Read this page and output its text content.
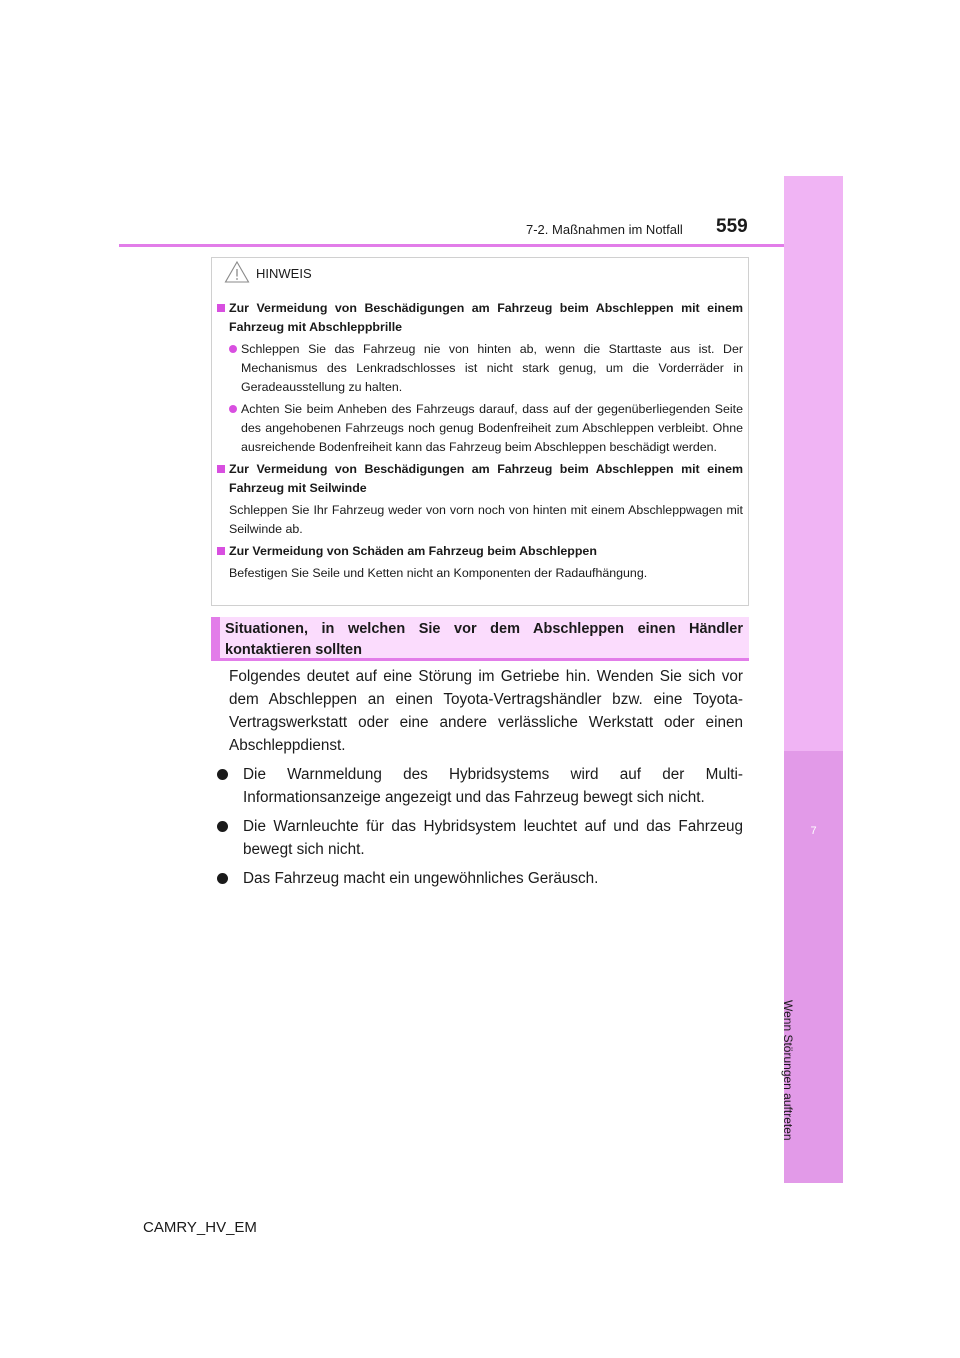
7
Wenn Störungen auftreten
7-2. Maßnahmen im Notfall 559
HINWEIS

Zur Vermeidung von Beschädigungen am Fahrzeug beim Abschleppen mit einem Fahrzeug mit Abschleppbrille

Schleppen Sie das Fahrzeug nie von hinten ab, wenn die Starttaste aus ist. Der Mechanismus des Lenkradschlosses ist nicht stark genug, um die Vorderräder in Geradeausstellung zu halten.

Achten Sie beim Anheben des Fahrzeugs darauf, dass auf der gegenüberliegenden Seite des angehobenen Fahrzeugs noch genug Bodenfreiheit zum Abschleppen verbleibt. Ohne ausreichende Bodenfreiheit kann das Fahrzeug beim Abschleppen beschädigt werden.

Zur Vermeidung von Beschädigungen am Fahrzeug beim Abschleppen mit einem Fahrzeug mit Seilwinde

Schleppen Sie Ihr Fahrzeug weder von vorn noch von hinten mit einem Abschleppwagen mit Seilwinde ab.

Zur Vermeidung von Schäden am Fahrzeug beim Abschleppen

Befestigen Sie Seile und Ketten nicht an Komponenten der Radaufhängung.

Situationen, in welchen Sie vor dem Abschleppen einen Händler kontaktieren sollten

Folgendes deutet auf eine Störung im Getriebe hin. Wenden Sie sich vor dem Abschleppen an einen Toyota-Vertragshändler bzw. eine Toyota-Vertragswerkstatt oder eine andere verlässliche Werkstatt oder einen Abschleppdienst.

Die Warnmeldung des Hybridsystems wird auf der Multi-Informationsanzeige angezeigt und das Fahrzeug bewegt sich nicht.

Die Warnleuchte für das Hybridsystem leuchtet auf und das Fahrzeug bewegt sich nicht.

Das Fahrzeug macht ein ungewöhnliches Geräusch.

CAMRY_HV_EM
